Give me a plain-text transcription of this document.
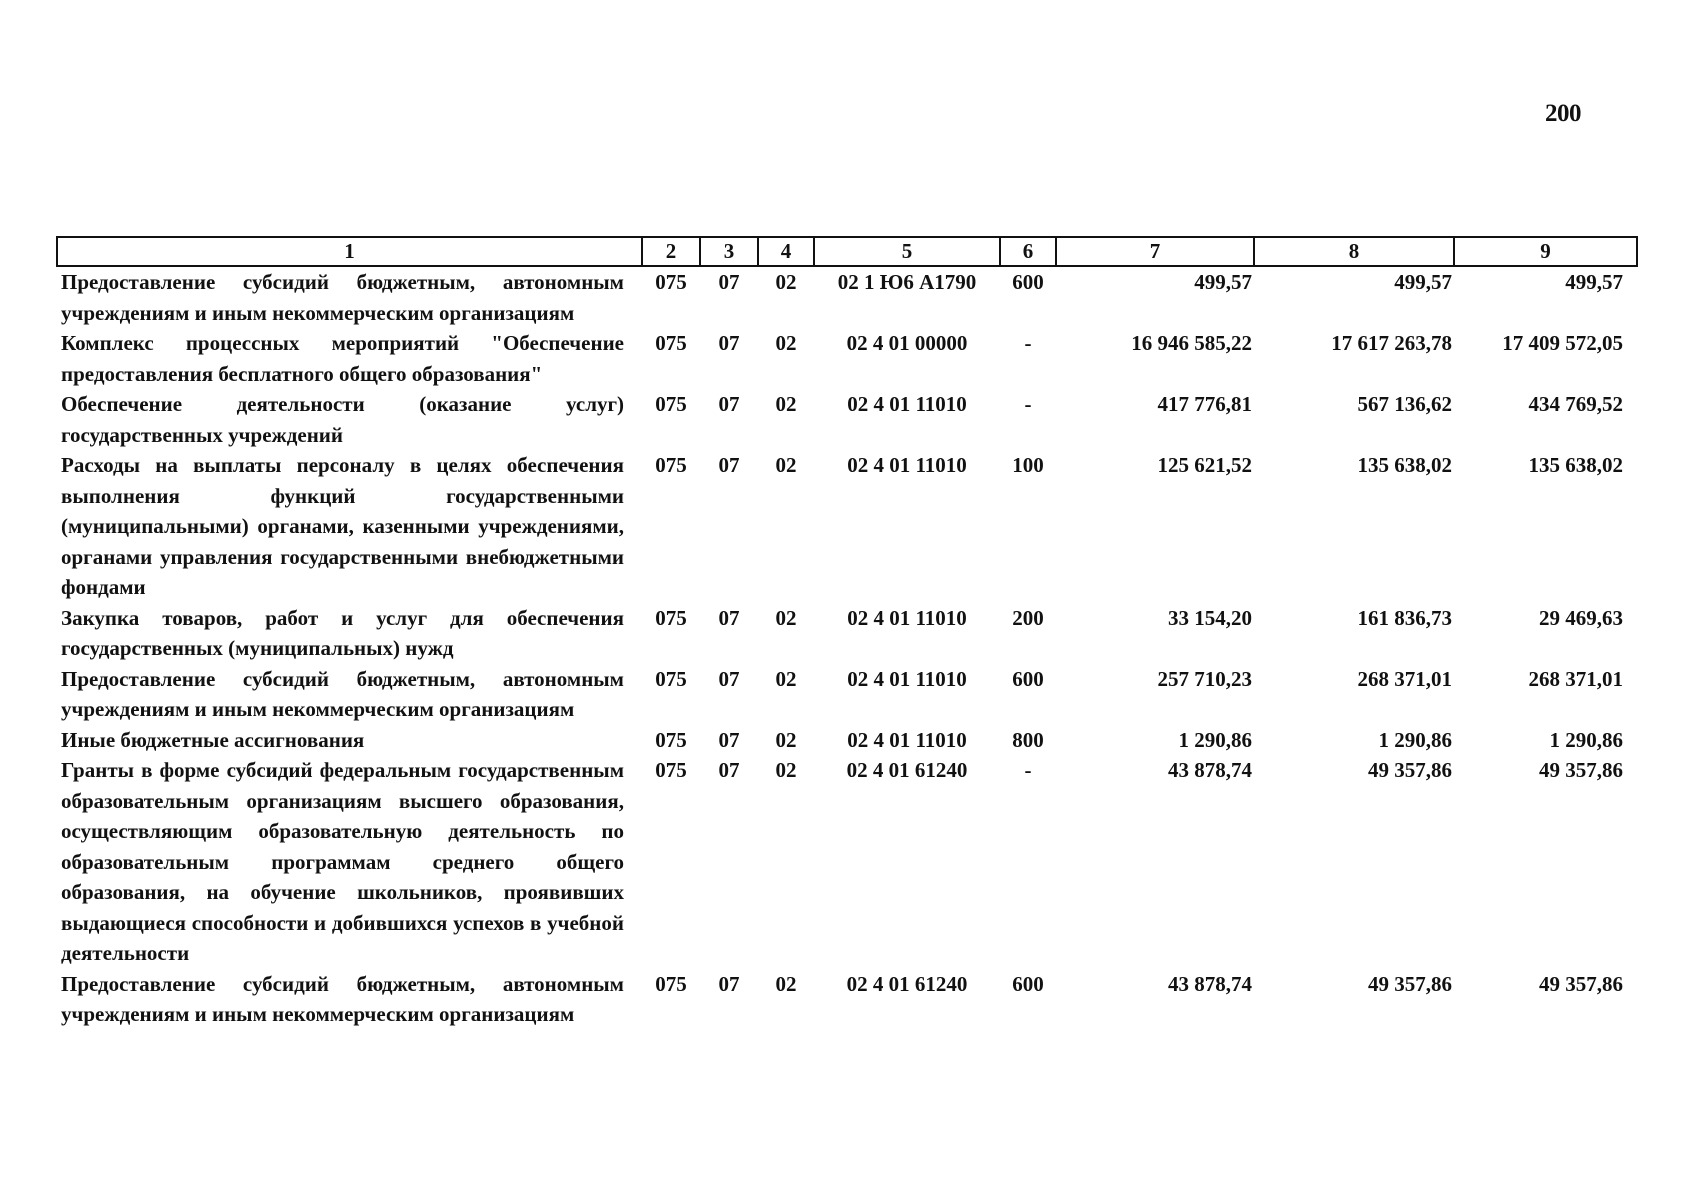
200
1	2	3	4	5	6	7	8	9
Предоставление субсидий бюджетным, автономным учреждениям и иным некоммерческим организациям	075	07	02	02 1 Ю6 А1790	600	499,57	499,57	499,57
Комплекс процессных мероприятий "Обеспечение предоставления бесплатного общего образования"	075	07	02	02 4 01 00000	-	16 946 585,22	17 617 263,78	17 409 572,05
Обеспечение деятельности (оказание услуг) государственных учреждений	075	07	02	02 4 01 11010	-	417 776,81	567 136,62	434 769,52
Расходы на выплаты персоналу в целях обеспечения выполнения функций государственными (муниципальными) органами, казенными учреждениями, органами управления государственными внебюджетными фондами	075	07	02	02 4 01 11010	100	125 621,52	135 638,02	135 638,02
Закупка товаров, работ и услуг для обеспечения государственных (муниципальных) нужд	075	07	02	02 4 01 11010	200	33 154,20	161 836,73	29 469,63
Предоставление субсидий бюджетным, автономным учреждениям и иным некоммерческим организациям	075	07	02	02 4 01 11010	600	257 710,23	268 371,01	268 371,01
Иные бюджетные ассигнования	075	07	02	02 4 01 11010	800	1 290,86	1 290,86	1 290,86
Гранты в форме субсидий федеральным государственным образовательным организациям высшего образования, осуществляющим образовательную деятельность по образовательным программам среднего общего образования, на обучение школьников, проявивших выдающиеся способности и добившихся успехов в учебной деятельности	075	07	02	02 4 01 61240	-	43 878,74	49 357,86	49 357,86
Предоставление субсидий бюджетным, автономным учреждениям и иным некоммерческим организациям	075	07	02	02 4 01 61240	600	43 878,74	49 357,86	49 357,86
